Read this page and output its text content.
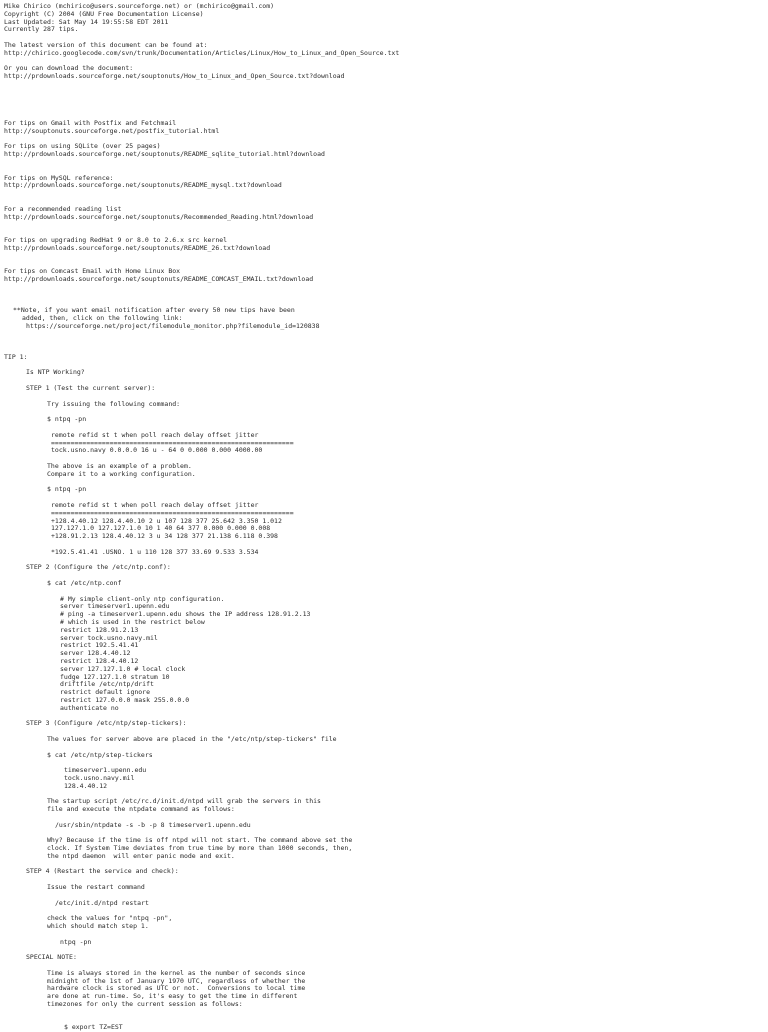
Mike Chirico (mchirico@users.sourceforge.net) or (mchirico@gmail.com)
Copyright (C) 2004 (GNU Free Documentation License)
Last Updated: Sat May 14 19:55:58 EDT 2011
Currently 287 tips.
The latest version of this document can be found at:
http://chirico.googlecode.com/svn/trunk/Documentation/Articles/Linux/How_to_Linux_and_Open_Source.txt
Or you can download the document:
http://prdownloads.sourceforge.net/souptonuts/How_to_Linux_and_Open_Source.txt?download
For tips on Gmail with Postfix and Fetchmail
http://souptonuts.sourceforge.net/postfix_tutorial.html
For tips on using SQLite (over 25 pages)
http://prdownloads.sourceforge.net/souptonuts/README_sqlite_tutorial.html?download
For tips on MySQL reference:
http://prdownloads.sourceforge.net/souptonuts/README_mysql.txt?download
For a recommended reading list
http://prdownloads.sourceforge.net/souptonuts/Recommended_Reading.html?download
For tips on upgrading RedHat 9 or 8.0 to 2.6.x src kernel
http://prdownloads.sourceforge.net/souptonuts/README_26.txt?download
For tips on Comcast Email with Home Linux Box
http://prdownloads.sourceforge.net/souptonuts/README_COMCAST_EMAIL.txt?download
**Note, if you want email notification after every 50 new tips have been
added, then, click on the following link:
https://sourceforge.net/project/filemodule_monitor.php?filemodule_id=120838
TIP 1:
Is NTP Working?
STEP 1 (Test the current server):
Try issuing the following command:
$ ntpq -pn
remote refid st t when poll reach delay offset jitter
==============================================================
tock.usno.navy 0.0.0.0 16 u - 64 0 0.000 0.000 4000.00
The above is an example of a problem.
Compare it to a working configuration.
$ ntpq -pn
remote refid st t when poll reach delay offset jitter
==============================================================
+128.4.40.12 128.4.40.10 2 u 107 128 377 25.642 3.350 1.012
127.127.1.0 127.127.1.0 10 1 40 64 377 0.000 0.000 0.008
+128.91.2.13 128.4.40.12 3 u 34 128 377 21.138 6.118 0.398
*192.5.41.41 .USNO. 1 u 110 128 377 33.69 9.533 3.534
STEP 2 (Configure the /etc/ntp.conf):
$ cat /etc/ntp.conf
# My simple client-only ntp configuration.
server timeserver1.upenn.edu
# ping -a timeserver1.upenn.edu shows the IP address 128.91.2.13
# which is used in the restrict below
restrict 128.91.2.13
server tock.usno.navy.mil
restrict 192.5.41.41
server 128.4.40.12
restrict 128.4.40.12
server 127.127.1.0 # local clock
fudge 127.127.1.0 stratum 10
driftfile /etc/ntp/drift
restrict default ignore
restrict 127.0.0.0 mask 255.0.0.0
authenticate no
STEP 3 (Configure /etc/ntp/step-tickers):
The values for server above are placed in the "/etc/ntp/step-tickers" file
$ cat /etc/ntp/step-tickers
timeserver1.upenn.edu
tock.usno.navy.mil
128.4.40.12
The startup script /etc/rc.d/init.d/ntpd will grab the servers in this
file and execute the ntpdate command as follows:
/usr/sbin/ntpdate -s -b -p 8 timeserver1.upenn.edu
Why? Because if the time is off ntpd will not start. The command above set the
clock. If System Time deviates from true time by more than 1000 seconds, then,
the ntpd daemon  will enter panic mode and exit.
STEP 4 (Restart the service and check):
Issue the restart command
/etc/init.d/ntpd restart
check the values for "ntpq -pn",
which should match step 1.
ntpq -pn
SPECIAL NOTE:
Time is always stored in the kernel as the number of seconds since
midnight of the 1st of January 1970 UTC, regardless of whether the
hardware clock is stored as UTC or not.  Conversions to local time
are done at run-time. So, it's easy to get the time in different
timezones for only the current session as follows:
$ export TZ=EST
